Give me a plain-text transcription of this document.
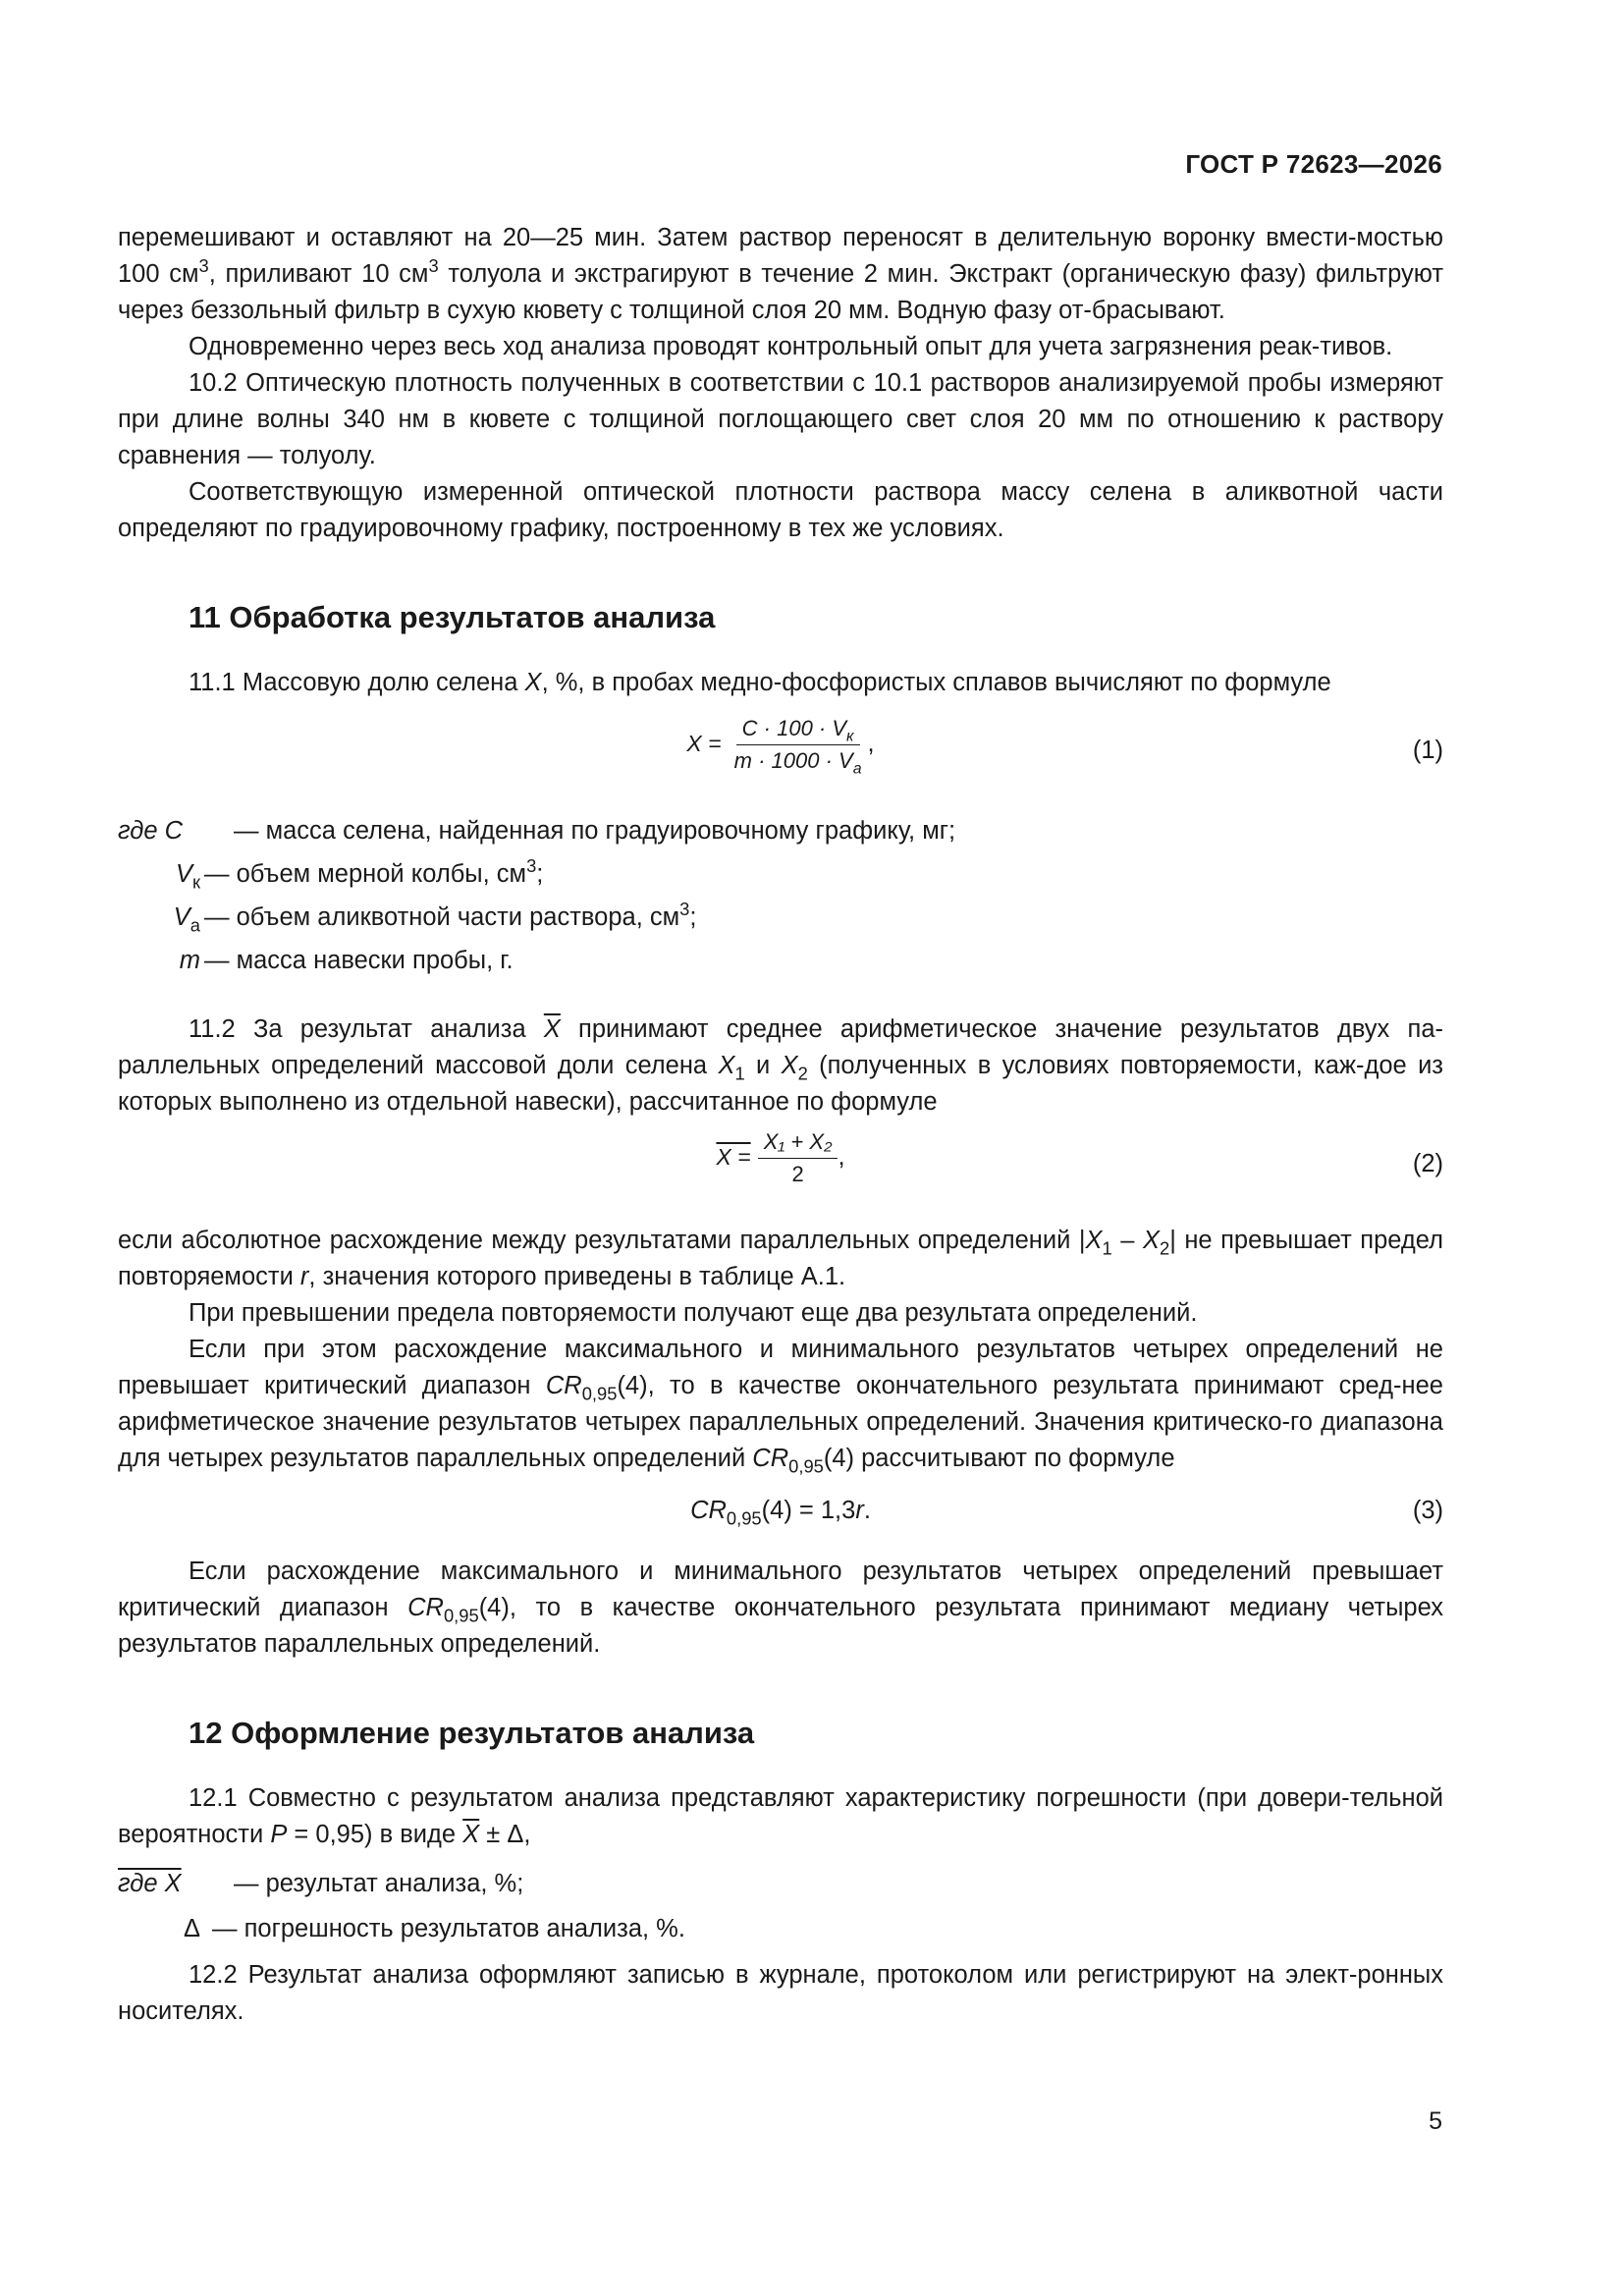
ГОСТ Р 72623—2026

перемешивают и оставляют на 20—25 мин. Затем раствор переносят в делительную воронку вмести-мостью 100 $см^3$, приливают 10 $см^3$ толуола и экстрагируют в течение 2 мин. Экстракт (органическую фазу) фильтруют через беззольный фильтр в сухую кювету с толщиной слоя 20 мм. Водную фазу от-брасывают.

Одновременно через весь ход анализа проводят контрольный опыт для учета загрязнения реак-тивов.

10.2 Оптическую плотность полученных в соответствии с 10.1 растворов анализируемой пробы измеряют при длине волны 340 нм в кювете с толщиной поглощающего свет слоя 20 мм по отношению к раствору сравнения — толуолу.

Соответствующую измеренной оптической плотности раствора массу селена в аликвотной части определяют по градуировочному графику, построенному в тех же условиях.

11 Обработка результатов анализа

11.1 Массовую долю селена X, %, в пробах медно-фосфористых сплавов вычисляют по формуле

$X = \frac{C \cdot 100 \cdot V_к}{m \cdot 1000 \cdot V_а}$ ,	(1)
где C	— масса селена, найденная по градуировочному графику, мг;
$V_к$ — объем мерной колбы, $см^3$;
$V_а$ — объем аликвотной части раствора, $см^3$;
m — масса навески пробы, г.

11.2 За результат анализа $\overline{X}$ принимают среднее арифметическое значение результатов двух па-раллельных определений массовой доли селена $X_1$ и $X_2$ (полученных в условиях повторяемости, каж-дое из которых выполнено из отдельной навески), рассчитанное по формуле

$X = \frac{\text{X₁ + X₂}}{2}$ ,	(2)

если абсолютное расхождение между результатами параллельных определений $|X_1 - X_2|$ не превышает предел повторяемости r, значения которого приведены в таблице А.1.

При превышении предела повторяемости получают еще два результата определений.

Если при этом расхождение максимального и минимального результатов четырех определений не превышает критический диапазон $CR_{0,95}(4)$, то в качестве окончательного результата принимают сред-нее арифметическое значение результатов четырех параллельных определений. Значения критическо-го диапазона для четырех результатов параллельных определений $CR_{0,95}(4)$ рассчитывают по формуле

$CR_{0,95}(4) = 1,3r$.	(3)

Если расхождение максимального и минимального результатов четырех определений превышает критический диапазон $CR_{0,95}(4)$, то в качестве окончательного результата принимают медиану четырех результатов параллельных определений.

12 Оформление результатов анализа

12.1 Совместно с результатом анализа представляют характеристику погрешности (при довери-тельной вероятности P = 0,95) в виде $\overline{X} \pm \Delta$,

где X	— результат анализа, %;
Δ — погрешность результатов анализа, %.

12.2 Результат анализа оформляют записью в журнале, протоколом или регистрируют на элект-ронных носителях.

5
